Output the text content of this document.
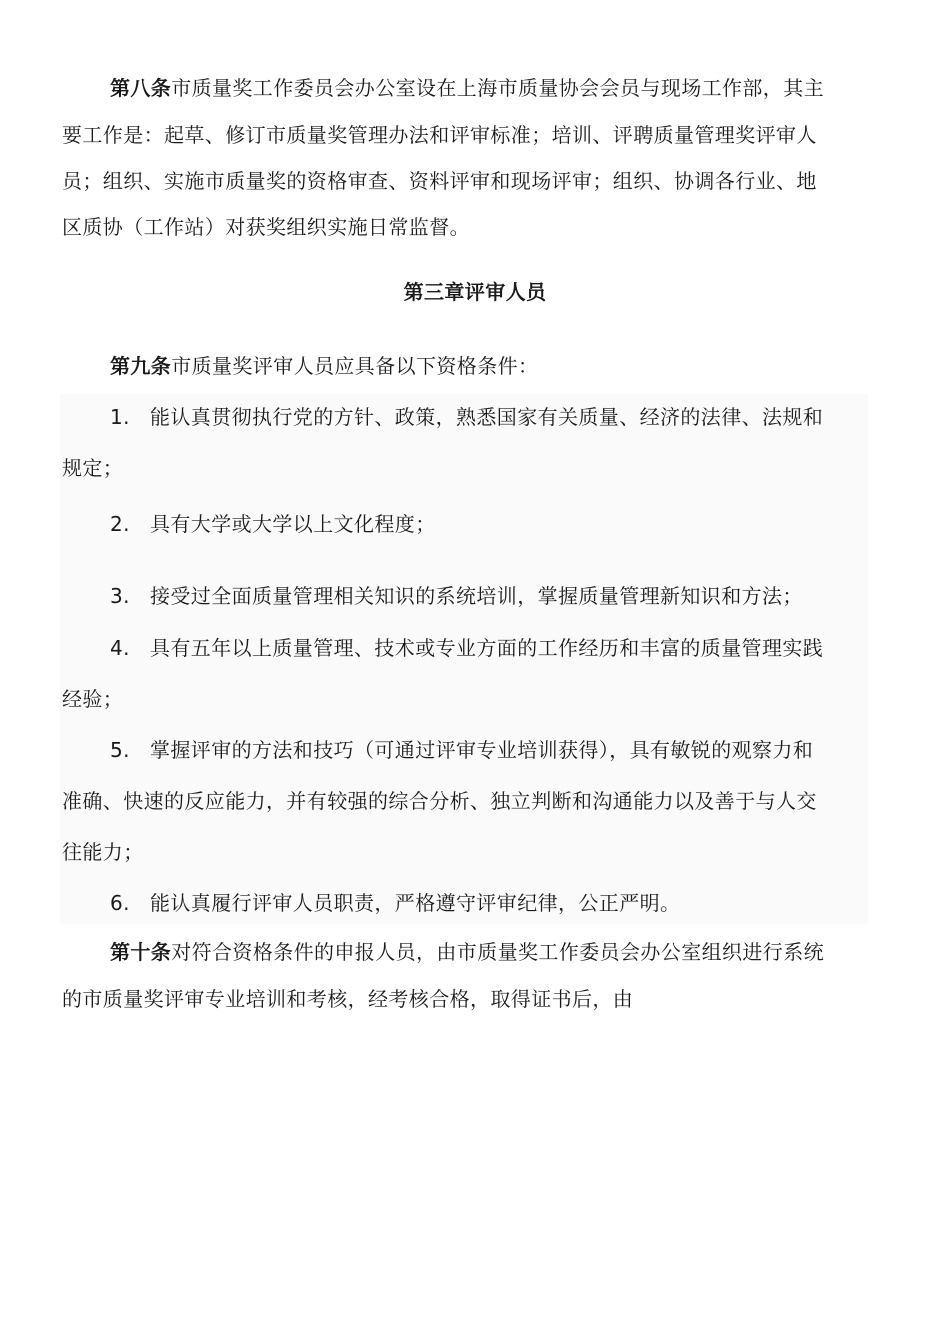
第八条市质量奖工作委员会办公室设在上海市质量协会会员与现场工作部，其主
要工作是：起草、修订市质量奖管理办法和评审标准；培训、评聘质量管理奖评审人
员；组织、实施市质量奖的资格审查、资料评审和现场评审；组织、协调各行业、地
区质协（工作站）对获奖组织实施日常监督。
第三章评审人员
第九条市质量奖评审人员应具备以下资格条件：
1. 能认真贯彻执行党的方针、政策，熟悉国家有关质量、经济的法律、法规和
规定；
2. 具有大学或大学以上文化程度；
3. 接受过全面质量管理相关知识的系统培训，掌握质量管理新知识和方法；
4. 具有五年以上质量管理、技术或专业方面的工作经历和丰富的质量管理实践
经验；
5. 掌握评审的方法和技巧（可通过评审专业培训获得），具有敏锐的观察力和
准确、快速的反应能力，并有较强的综合分析、独立判断和沟通能力以及善于与人交
往能力；
6. 能认真履行评审人员职责，严格遵守评审纪律，公正严明。
第十条对符合资格条件的申报人员，由市质量奖工作委员会办公室组织进行系统
的市质量奖评审专业培训和考核，经考核合格，取得证书后，由
